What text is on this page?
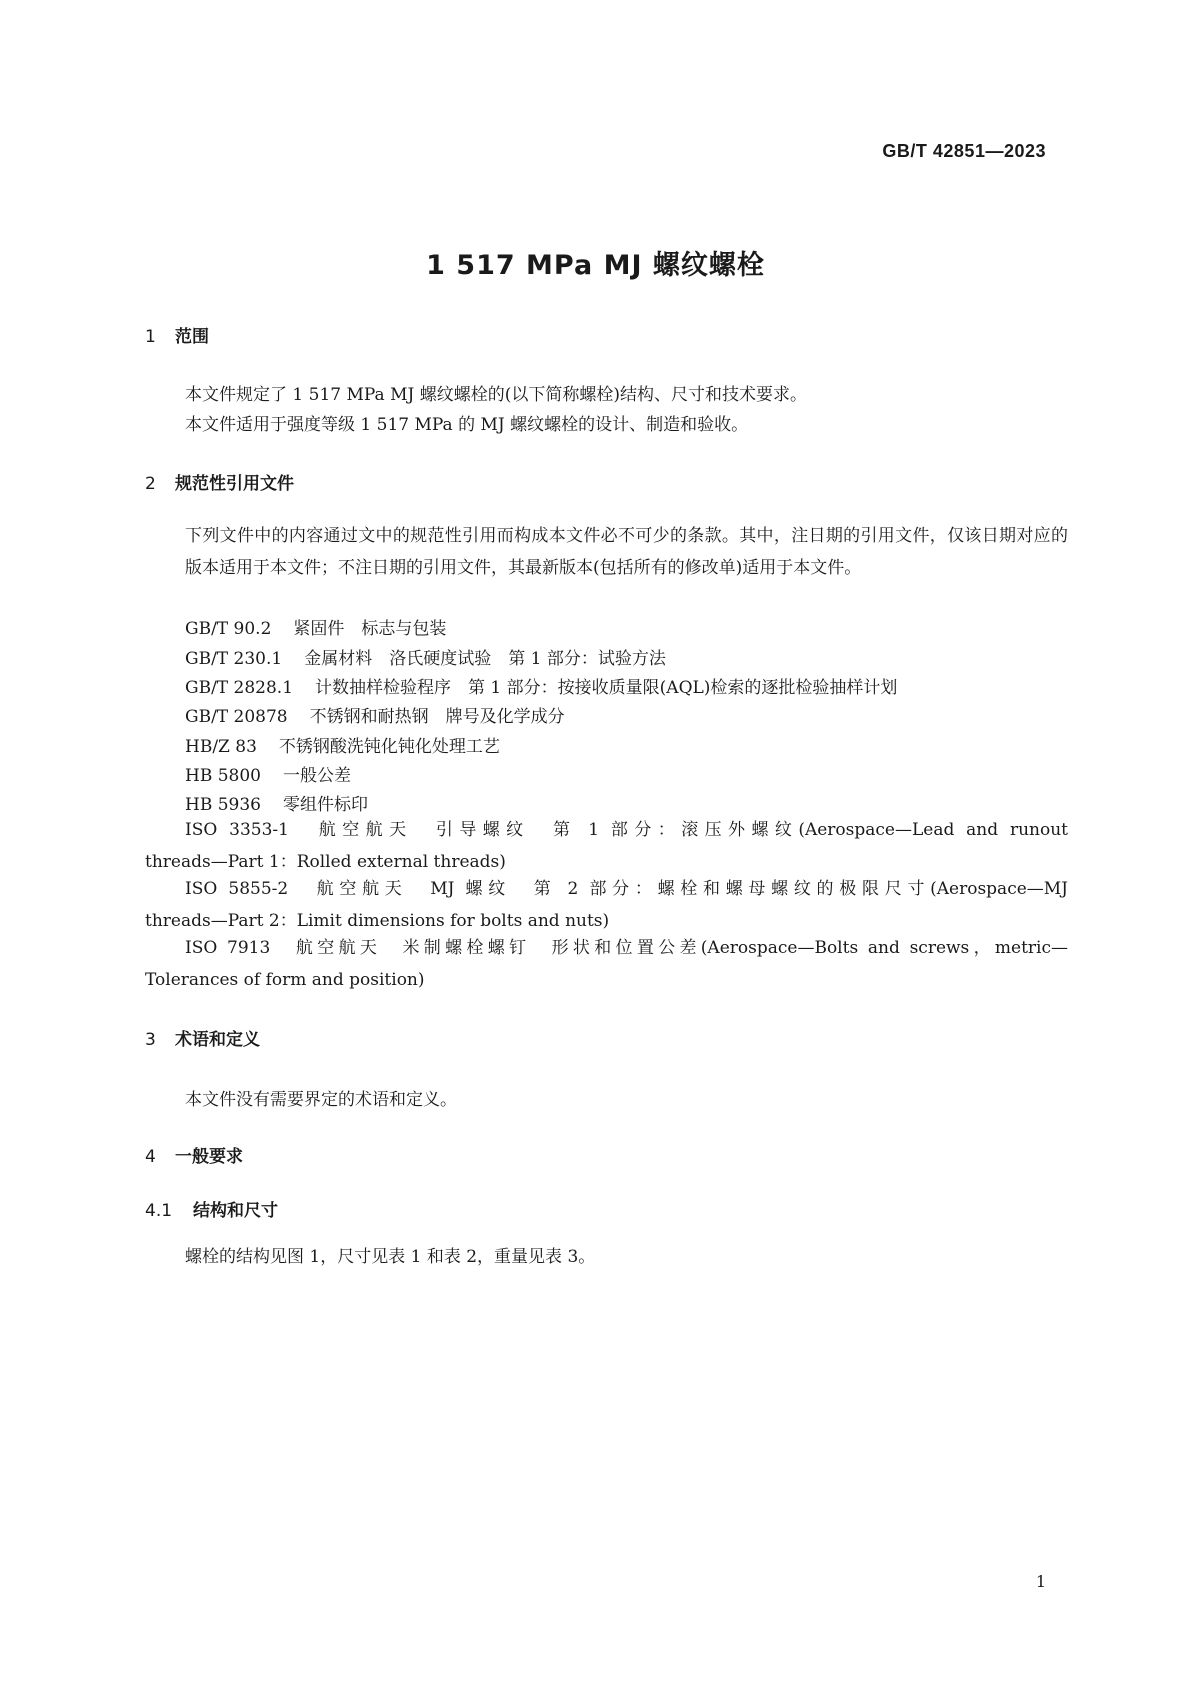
GB/T 42851—2023
1 517 MPa MJ 螺纹螺栓
1 范围
本文件规定了 1 517 MPa MJ 螺纹螺栓的(以下简称螺栓)结构、尺寸和技术要求。
本文件适用于强度等级 1 517 MPa 的 MJ 螺纹螺栓的设计、制造和验收。
2 规范性引用文件
下列文件中的内容通过文中的规范性引用而构成本文件必不可少的条款。其中，注日期的引用文件，仅该日期对应的版本适用于本文件；不注日期的引用文件，其最新版本(包括所有的修改单)适用于本文件。
GB/T 90.2 紧固件　标志与包装
GB/T 230.1 金属材料　洛氏硬度试验　第 1 部分：试验方法
GB/T 2828.1 计数抽样检验程序　第 1 部分：按接收质量限(AQL)检索的逐批检验抽样计划
GB/T 20878 不锈钢和耐热钢　牌号及化学成分
HB/Z 83 不锈钢酸洗钝化钝化处理工艺
HB 5800 一般公差
HB 5936 零组件标印
ISO 3353-1　航空航天　引导螺纹　第 1 部分：滚压外螺纹(Aerospace—Lead and runout
threads—Part 1：Rolled external threads)
ISO 5855-2　航空航天　MJ 螺纹　第 2 部分：螺栓和螺母螺纹的极限尺寸(Aerospace—MJ
threads—Part 2：Limit dimensions for bolts and nuts)
ISO 7913　航空航天　米制螺栓螺钉　形状和位置公差(Aerospace—Bolts and screws，metric—
Tolerances of form and position)
3 术语和定义
本文件没有需要界定的术语和定义。
4 一般要求
4.1 结构和尺寸
螺栓的结构见图 1，尺寸见表 1 和表 2，重量见表 3。
1
